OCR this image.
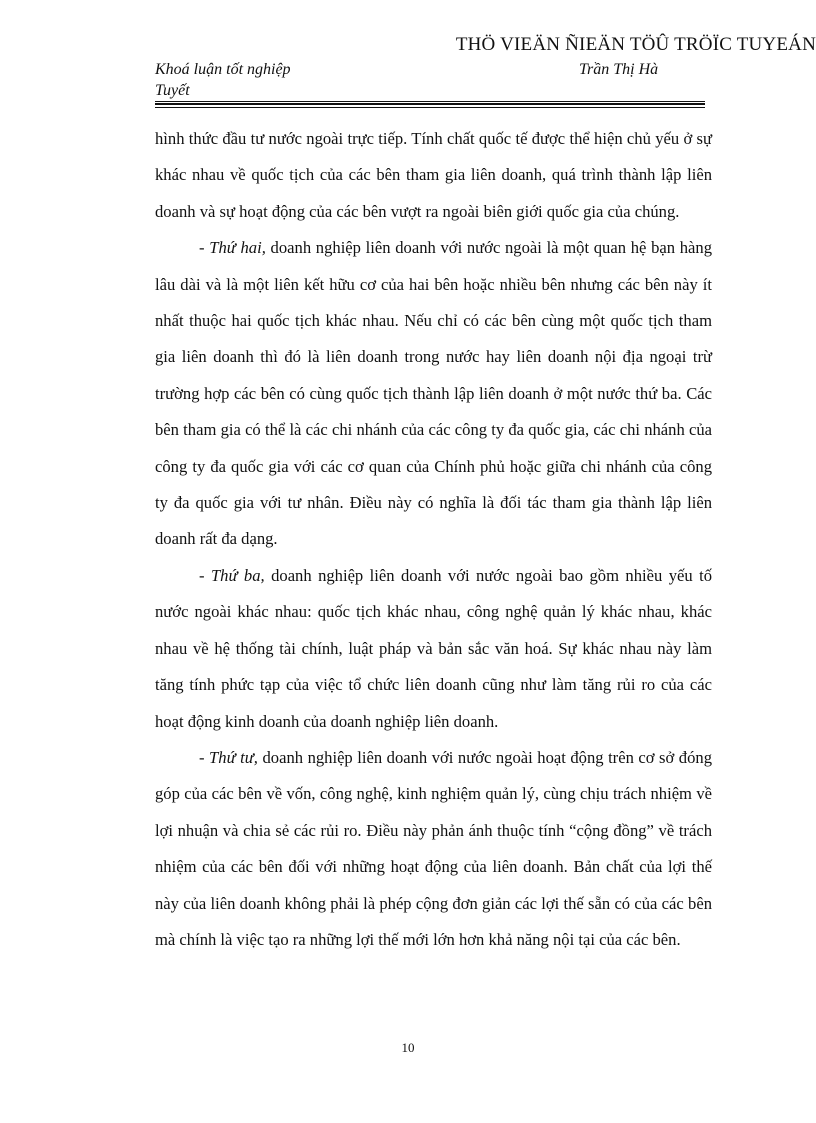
THÖ VIEÄN ÑIEÄN TÖÛ TRÖÏC TUYEÁN
Khoá luận tốt nghiệp	Trần Thị Hà
Tuyết

hình thức đầu tư nước ngoài trực tiếp. Tính chất quốc tế được thể hiện chủ yếu ở sự khác nhau về quốc tịch của các bên tham gia liên doanh, quá trình thành lập liên doanh và sự hoạt động của các bên vượt ra ngoài biên giới quốc gia của chúng.

- Thứ hai, doanh nghiệp liên doanh với nước ngoài là một quan hệ bạn hàng lâu dài và là một liên kết hữu cơ của hai bên hoặc nhiều bên nhưng các bên này ít nhất thuộc hai quốc tịch khác nhau. Nếu chỉ có các bên cùng một quốc tịch tham gia liên doanh thì đó là liên doanh trong nước hay liên doanh nội địa ngoại trừ trường hợp các bên có cùng quốc tịch thành lập liên doanh ở một nước thứ ba. Các bên tham gia có thể là các chi nhánh của các công ty đa quốc gia, các chi nhánh của công ty đa quốc gia với các cơ quan của Chính phủ hoặc giữa chi nhánh của công ty đa quốc gia với tư nhân. Điều này có nghĩa là đối tác tham gia thành lập liên doanh rất đa dạng.

- Thứ ba, doanh nghiệp liên doanh với nước ngoài bao gồm nhiều yếu tố nước ngoài khác nhau: quốc tịch khác nhau, công nghệ quản lý khác nhau, khác nhau về hệ thống tài chính, luật pháp và bản sắc văn hoá. Sự khác nhau này làm tăng tính phức tạp của việc tổ chức liên doanh cũng như làm tăng rủi ro của các hoạt động kinh doanh của doanh nghiệp liên doanh.

- Thứ tư, doanh nghiệp liên doanh với nước ngoài hoạt động trên cơ sở đóng góp của các bên về vốn, công nghệ, kinh nghiệm quản lý, cùng chịu trách nhiệm về lợi nhuận và chia sẻ các rủi ro. Điều này phản ánh thuộc tính “cộng đồng” về trách nhiệm của các bên đối với những hoạt động của liên doanh. Bản chất của lợi thế này của liên doanh không phải là phép cộng đơn giản các lợi thế sẵn có của các bên mà chính là việc tạo ra những lợi thế mới lớn hơn khả năng nội tại của các bên.

10
